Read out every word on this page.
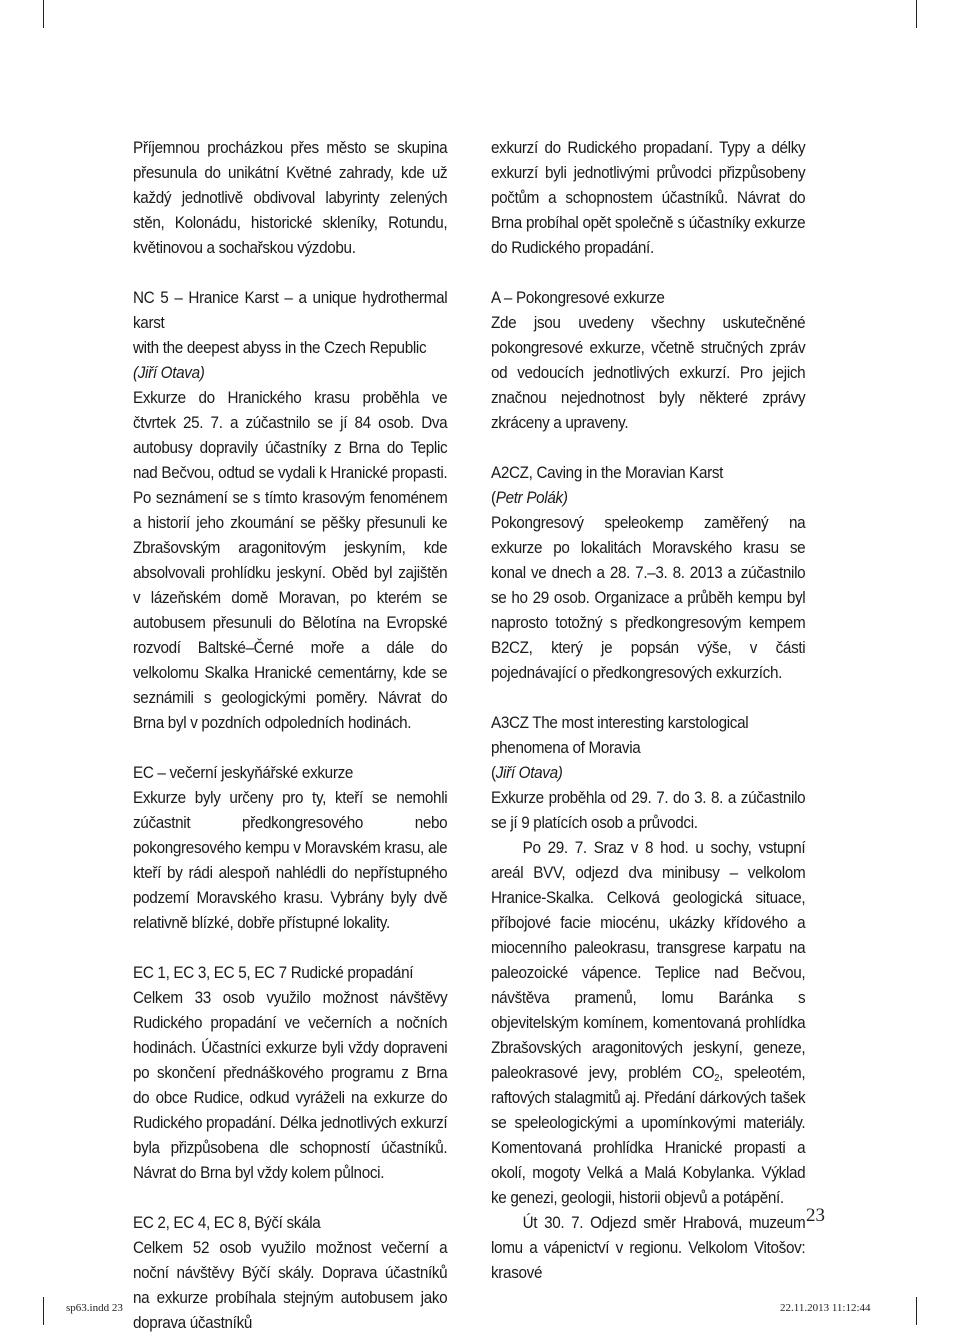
Příjemnou procházkou přes město se skupina přesunula do unikátní Květné zahrady, kde už každý jednotlivě obdivoval labyrinty zelených stěn, Kolonádu, historické skleníky, Rotundu, květinovou a sochařskou výzdobu.

NC 5 – Hranice Karst – a unique hydrothermal karst

with the deepest abyss in the Czech Republic

(Jiří Otava)

Exkurze do Hranického krasu proběhla ve čtvrtek 25. 7. a zúčastnilo se jí 84 osob. Dva autobusy dopravily účastníky z Brna do Teplic nad Bečvou, odtud se vydali k Hranické propasti. Po seznámení se s tímto krasovým fenoménem a historií jeho zkoumání se pěšky přesunuli ke Zbrašovským aragonitovým jeskyním, kde absolvovali prohlídku jeskyní. Oběd byl zajištěn v lázeňském domě Moravan, po kterém se autobusem přesunuli do Bělotína na Evropské rozvodí Baltské–Černé moře a dále do velkolomu Skalka Hranické cementárny, kde se seznámili s geologickými poměry. Návrat do Brna byl v pozdních odpoledních hodinách.

EC – večerní jeskyňářské exkurze

Exkurze byly určeny pro ty, kteří se nemohli zúčastnit předkongresového nebo pokongresového kempu v Moravském krasu, ale kteří by rádi alespoň nahlédli do nepřístupného podzemí Moravského krasu. Vybrány byly dvě relativně blízké, dobře přístupné lokality.

EC 1, EC 3, EC 5, EC 7 Rudické propadání

Celkem 33 osob využilo možnost návštěvy Rudického propadání ve večerních a nočních hodinách. Účastníci exkurze byli vždy dopraveni po skončení přednáškového programu z Brna do obce Rudice, odkud vyráželi na exkurze do Rudického propadání. Délka jednotlivých exkurzí byla přizpůsobena dle schopností účastníků. Návrat do Brna byl vždy kolem půlnoci.

EC 2, EC 4, EC 8, Býčí skála

Celkem 52 osob využilo možnost večerní a noční návštěvy Býčí skály. Doprava účastníků na exkurze probíhala stejným autobusem jako doprava účastníků

exkurzí do Rudického propadaní. Typy a délky exkurzí byli jednotlivými průvodci přizpůsobeny počtům a schopnostem účastníků. Návrat do Brna probíhal opět společně s účastníky exkurze do Rudického propadání.

A – Pokongresové exkurze

Zde jsou uvedeny všechny uskutečněné pokongresové exkurze, včetně stručných zpráv od vedoucích jednotlivých exkurzí. Pro jejich značnou nejednotnost byly některé zprávy zkráceny a upraveny.

A2CZ, Caving in the Moravian Karst

(Petr Polák)

Pokongresový speleokemp zaměřený na exkurze po lokalitách Moravského krasu se konal ve dnech a 28. 7.–3. 8. 2013 a zúčastnilo se ho 29 osob. Organizace a průběh kempu byl naprosto totožný s předkongresovým kempem B2CZ, který je popsán výše, v části pojednávající o předkongresových exkurzích.

A3CZ The most interesting karstological phenomena of Moravia

(Jiří Otava)

Exkurze proběhla od 29. 7. do 3. 8. a zúčastnilo se jí 9 platících osob a průvodci.

Po 29. 7. Sraz v 8 hod. u sochy, vstupní areál BVV, odjezd dva minibusy – velkolom Hranice-Skalka. Celková geologická situace, příbojové facie miocénu, ukázky křídového a miocenního paleokrasu, transgrese karpatu na paleozoické vápence. Teplice nad Bečvou, návštěva pramenů, lomu Baránka s objevitelským komínem, komentovaná prohlídka Zbrašovských aragonitových jeskyní, geneze, paleokrasové jevy, problém $CO_2$, speleotém, raftových stalagmitů aj. Předání dárkových tašek se speleologickými a upomínkovými materiály. Komentovaná prohlídka Hranické propasti a okolí, mogoty Velká a Malá Kobylanka. Výklad ke genezi, geologii, historii objevů a potápění.

Út 30. 7. Odjezd směr Hrabová, muzeum lomu a vápenictví v regionu. Velkolom Vitošov: krasové

23
sp63.indd 23	22.11.2013 11:12:44
